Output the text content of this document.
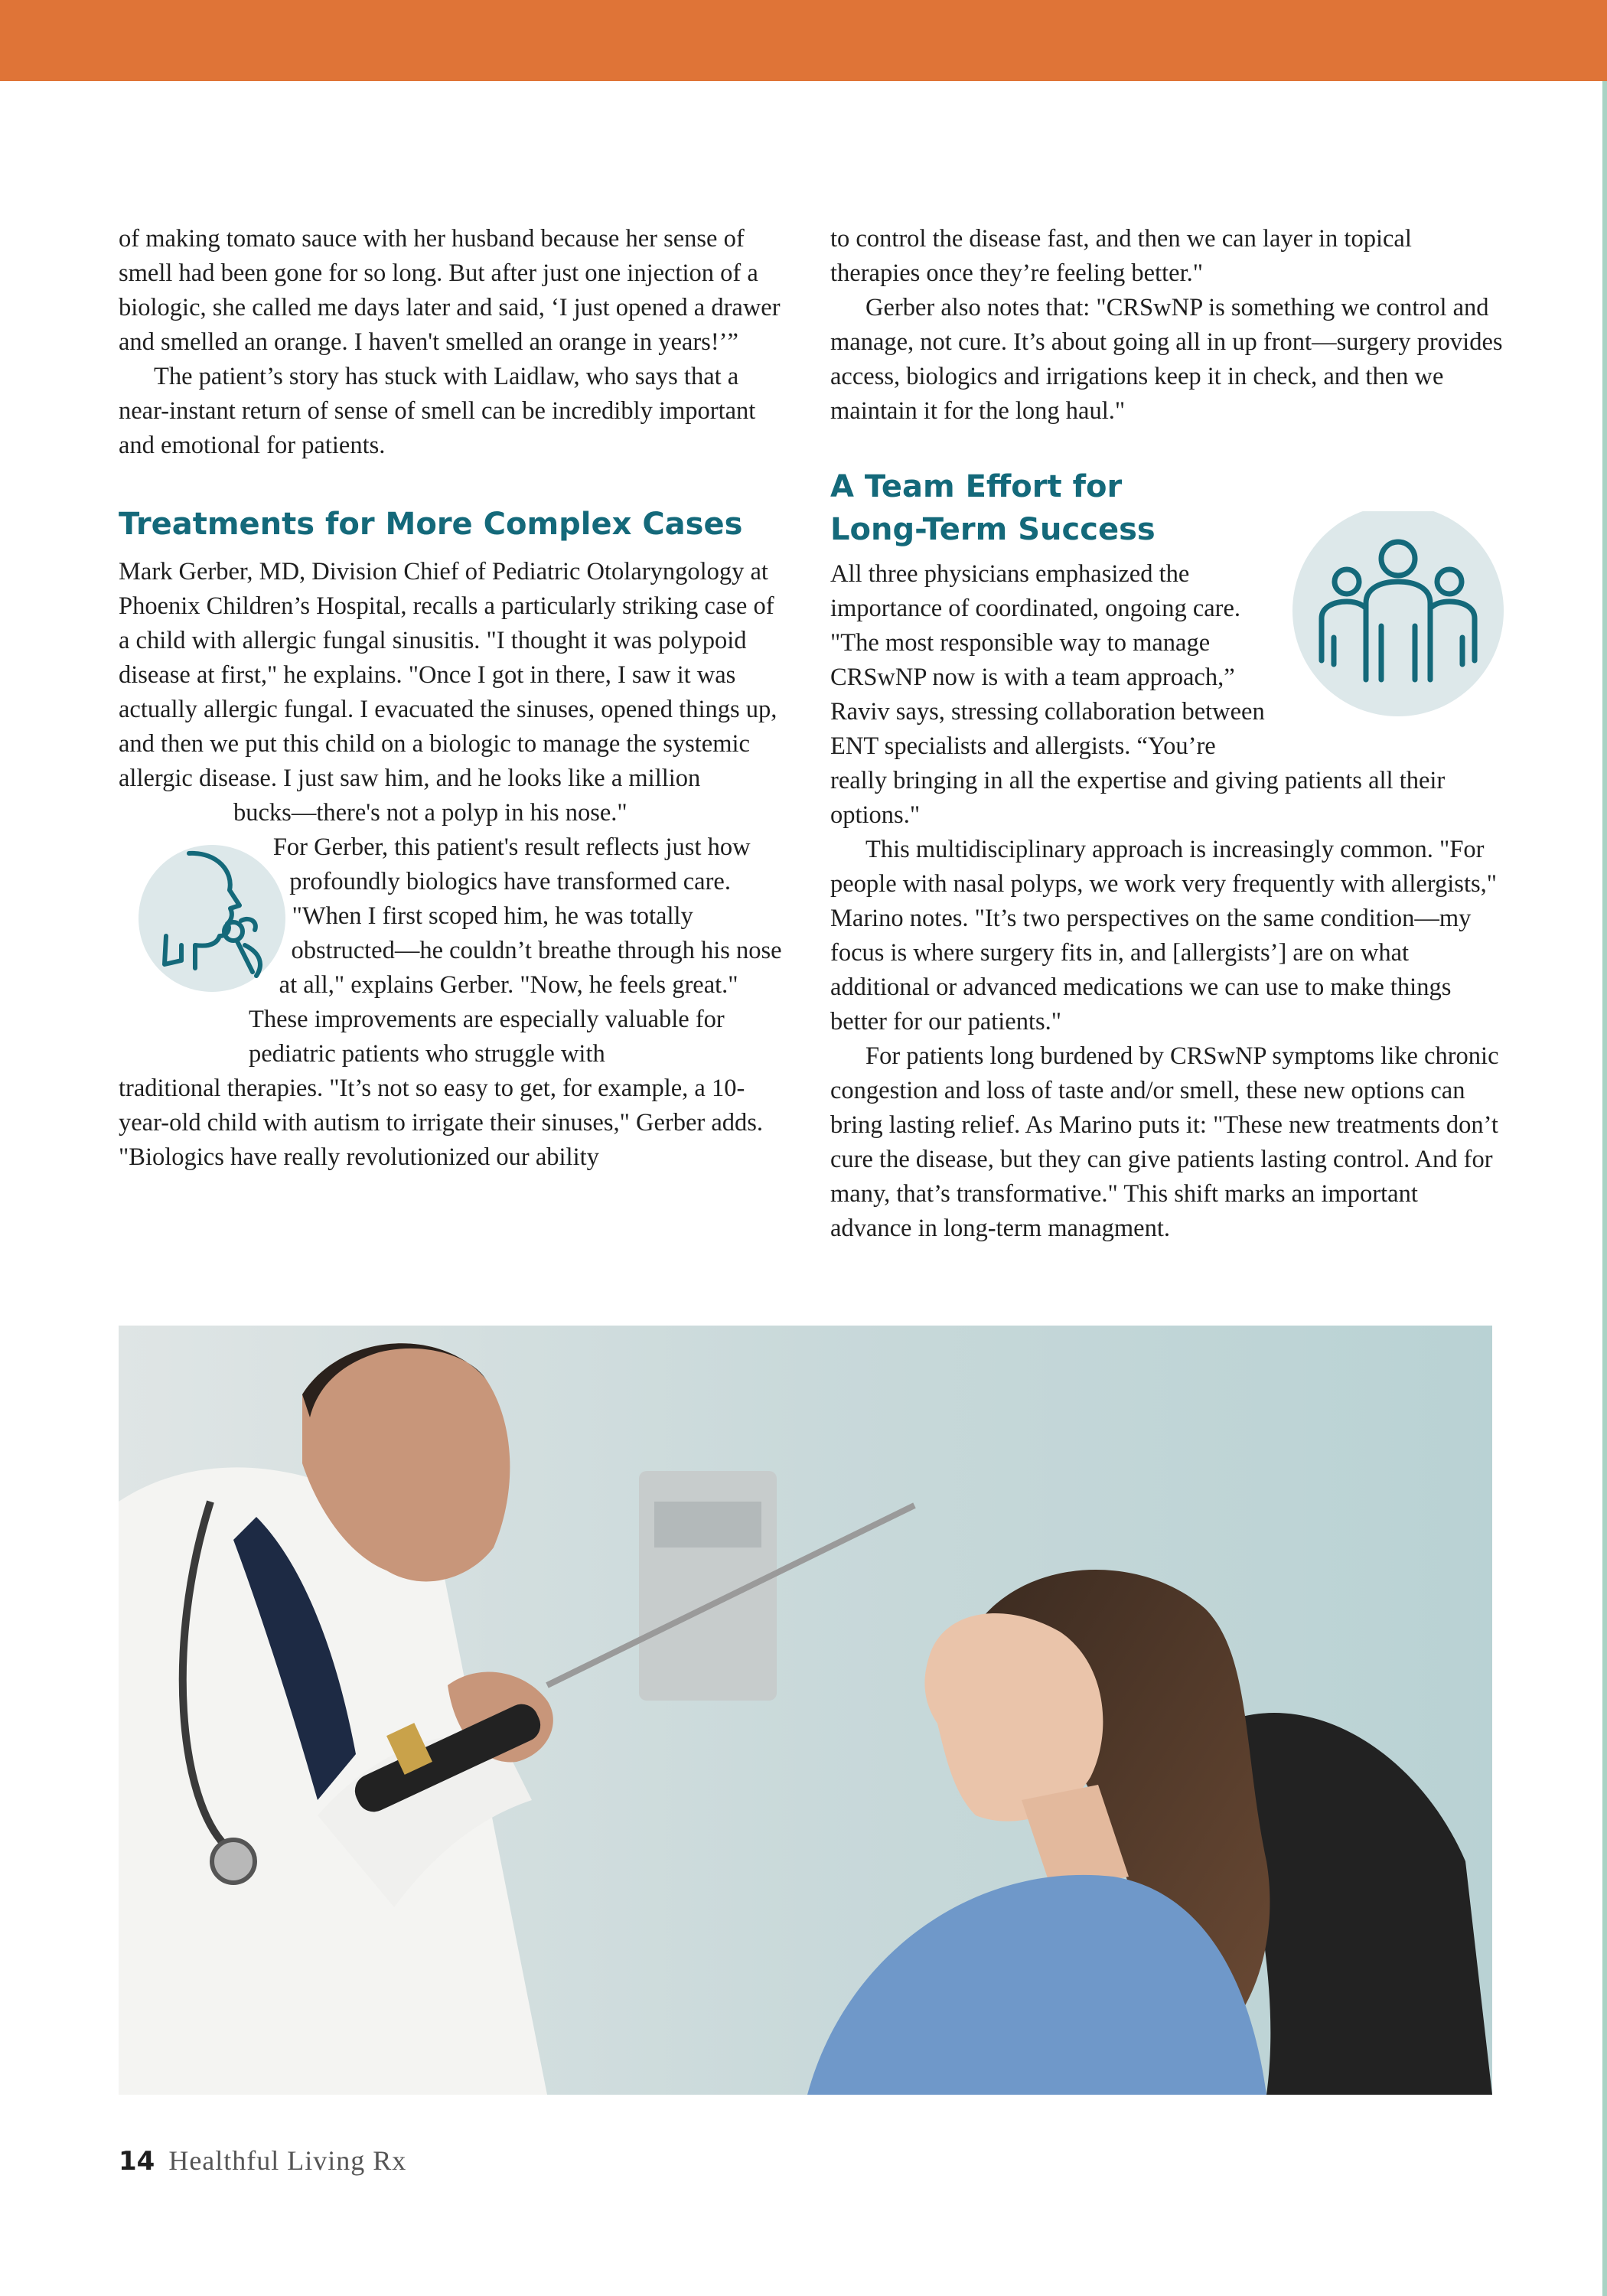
of making tomato sauce with her husband because her sense of smell had been gone for so long. But after just one injection of a biologic, she called me days later and said, ‘I just opened a drawer and smelled an orange. I haven't smelled an orange in years!’”

The patient’s story has stuck with Laidlaw, who says that a near-instant return of sense of smell can be incredibly important and emotional for patients.

Treatments for More Complex Cases

Mark Gerber, MD, Division Chief of Pediatric Otolaryngology at Phoenix Children’s Hospital, recalls a particularly striking case of a child with allergic fungal sinusitis. "I thought it was polypoid disease at first," he explains. "Once I got in there, I saw it was actually allergic fungal. I evacuated the sinuses, opened things up, and then we put this child on a biologic to manage the systemic allergic disease. I just saw him, and he looks like a million

bucks—there's not a polyp in his nose."

For Gerber, this patient's result reflects just how profoundly biologics have transformed care. "When I first scoped him, he was totally obstructed—he couldn’t breathe through his nose at all," explains Gerber. "Now, he feels great."

These improvements are especially valuable for pediatric patients who struggle with

traditional therapies. "It’s not so easy to get, for example, a 10-year-old child with autism to irrigate their sinuses," Gerber adds. "Biologics have really revolutionized our ability

to control the disease fast, and then we can layer in topical therapies once they’re feeling better."

Gerber also notes that: "CRSwNP is something we control and manage, not cure. It’s about going all in up front—surgery provides access, biologics and irrigations keep it in check, and then we maintain it for the long haul."

A Team Effort for Long-Term Success

All three physicians emphasized the importance of coordinated, ongoing care. "The most responsible way to manage CRSwNP now is with a team approach,” Raviv says, stressing collaboration between ENT specialists and allergists. “You’re really bringing in all the expertise and giving patients all their options."

This multidisciplinary approach is increasingly common. "For people with nasal polyps, we work very frequently with allergists," Marino notes. "It’s two perspectives on the same condition—my focus is where surgery fits in, and [allergists’] are on what additional or advanced medications we can use to make things better for our patients."

For patients long burdened by CRSwNP symptoms like chronic congestion and loss of taste and/or smell, these new options can bring lasting relief. As Marino puts it: "These new treatments don’t cure the disease, but they can give patients lasting control. And for many, that’s transformative." This shift marks an important advance in long-term managment.

14 Healthful Living Rx
